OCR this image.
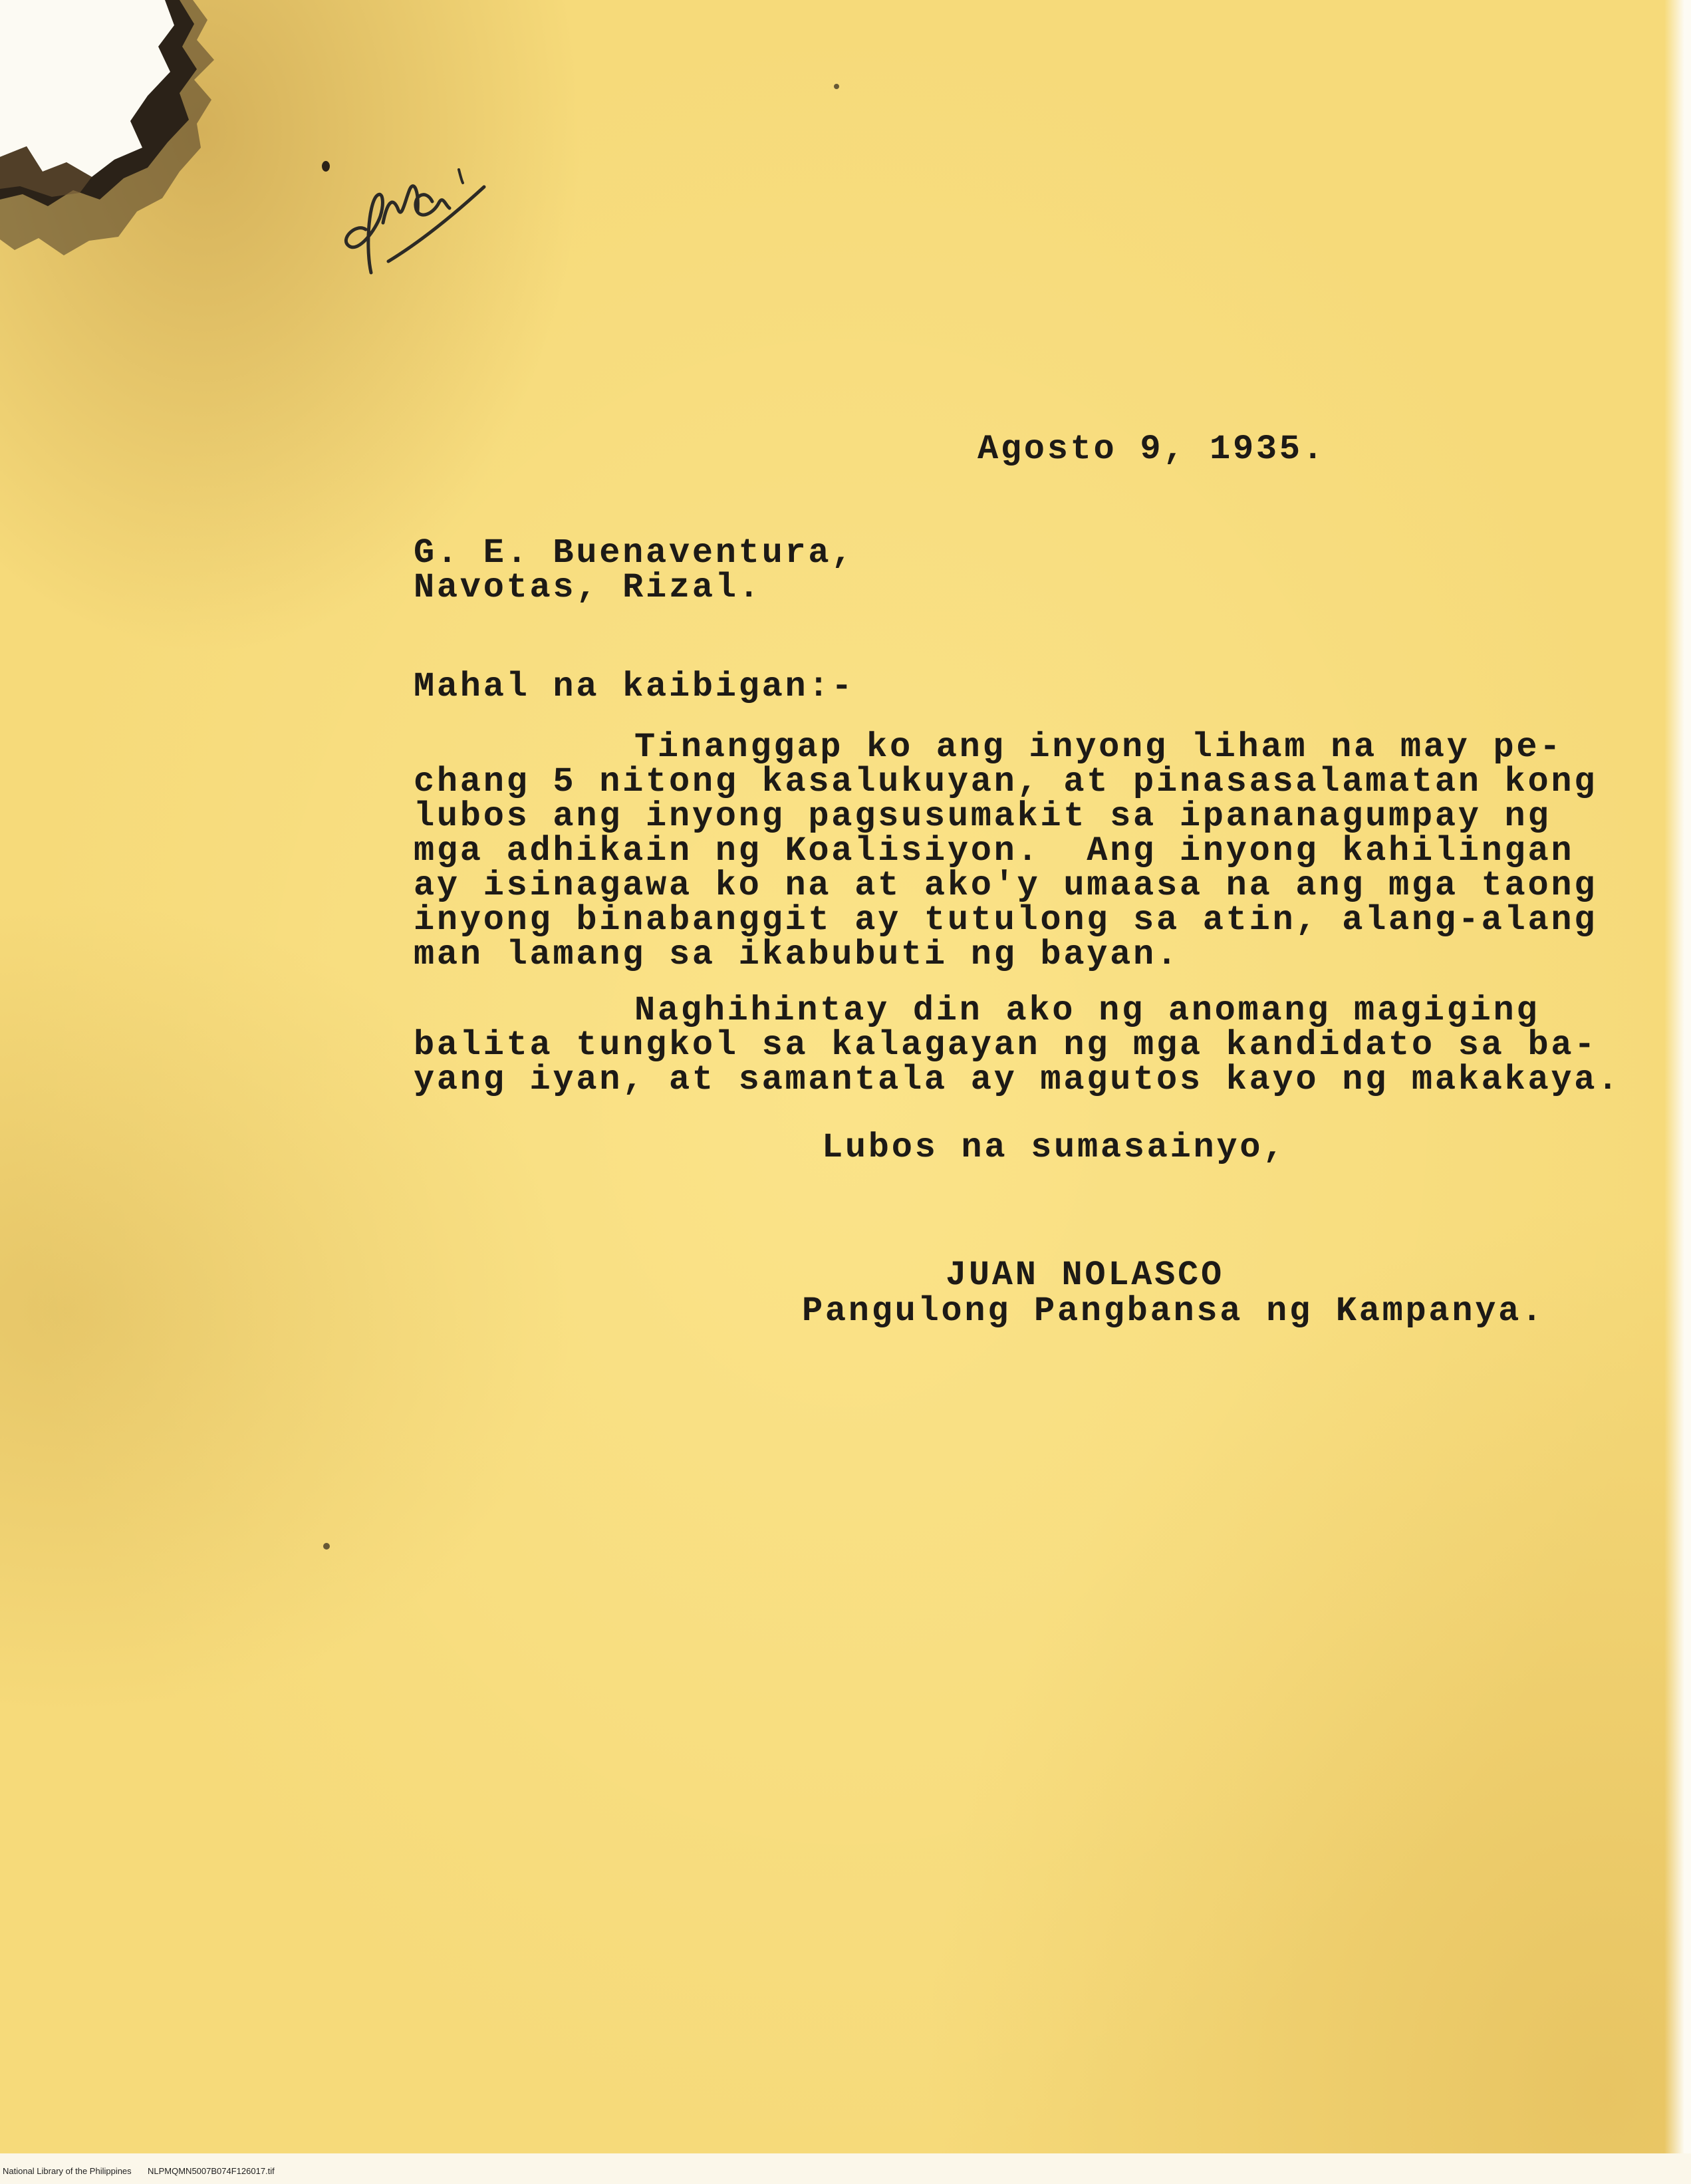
Agosto 9, 1935.
G. E. Buenaventura,
Navotas, Rizal.
Mahal na kaibigan:-
Tinanggap ko ang inyong liham na may pe-
chang 5 nitong kasalukuyan, at pinasasalamatan kong
lubos ang inyong pagsusumakit sa ipananagumpay ng
mga adhikain ng Koalisiyon.  Ang inyong kahilingan
ay isinagawa ko na at ako'y umaasa na ang mga taong
inyong binabanggit ay tutulong sa atin, alang-alang
man lamang sa ikabubuti ng bayan.
Naghihintay din ako ng anomang magiging
balita tungkol sa kalagayan ng mga kandidato sa ba-
yang iyan, at samantala ay magutos kayo ng makakaya.
Lubos na sumasainyo,
JUAN NOLASCO
Pangulong Pangbansa ng Kampanya.
National Library of the Philippines NLPMQMN5007B074F126017.tif
